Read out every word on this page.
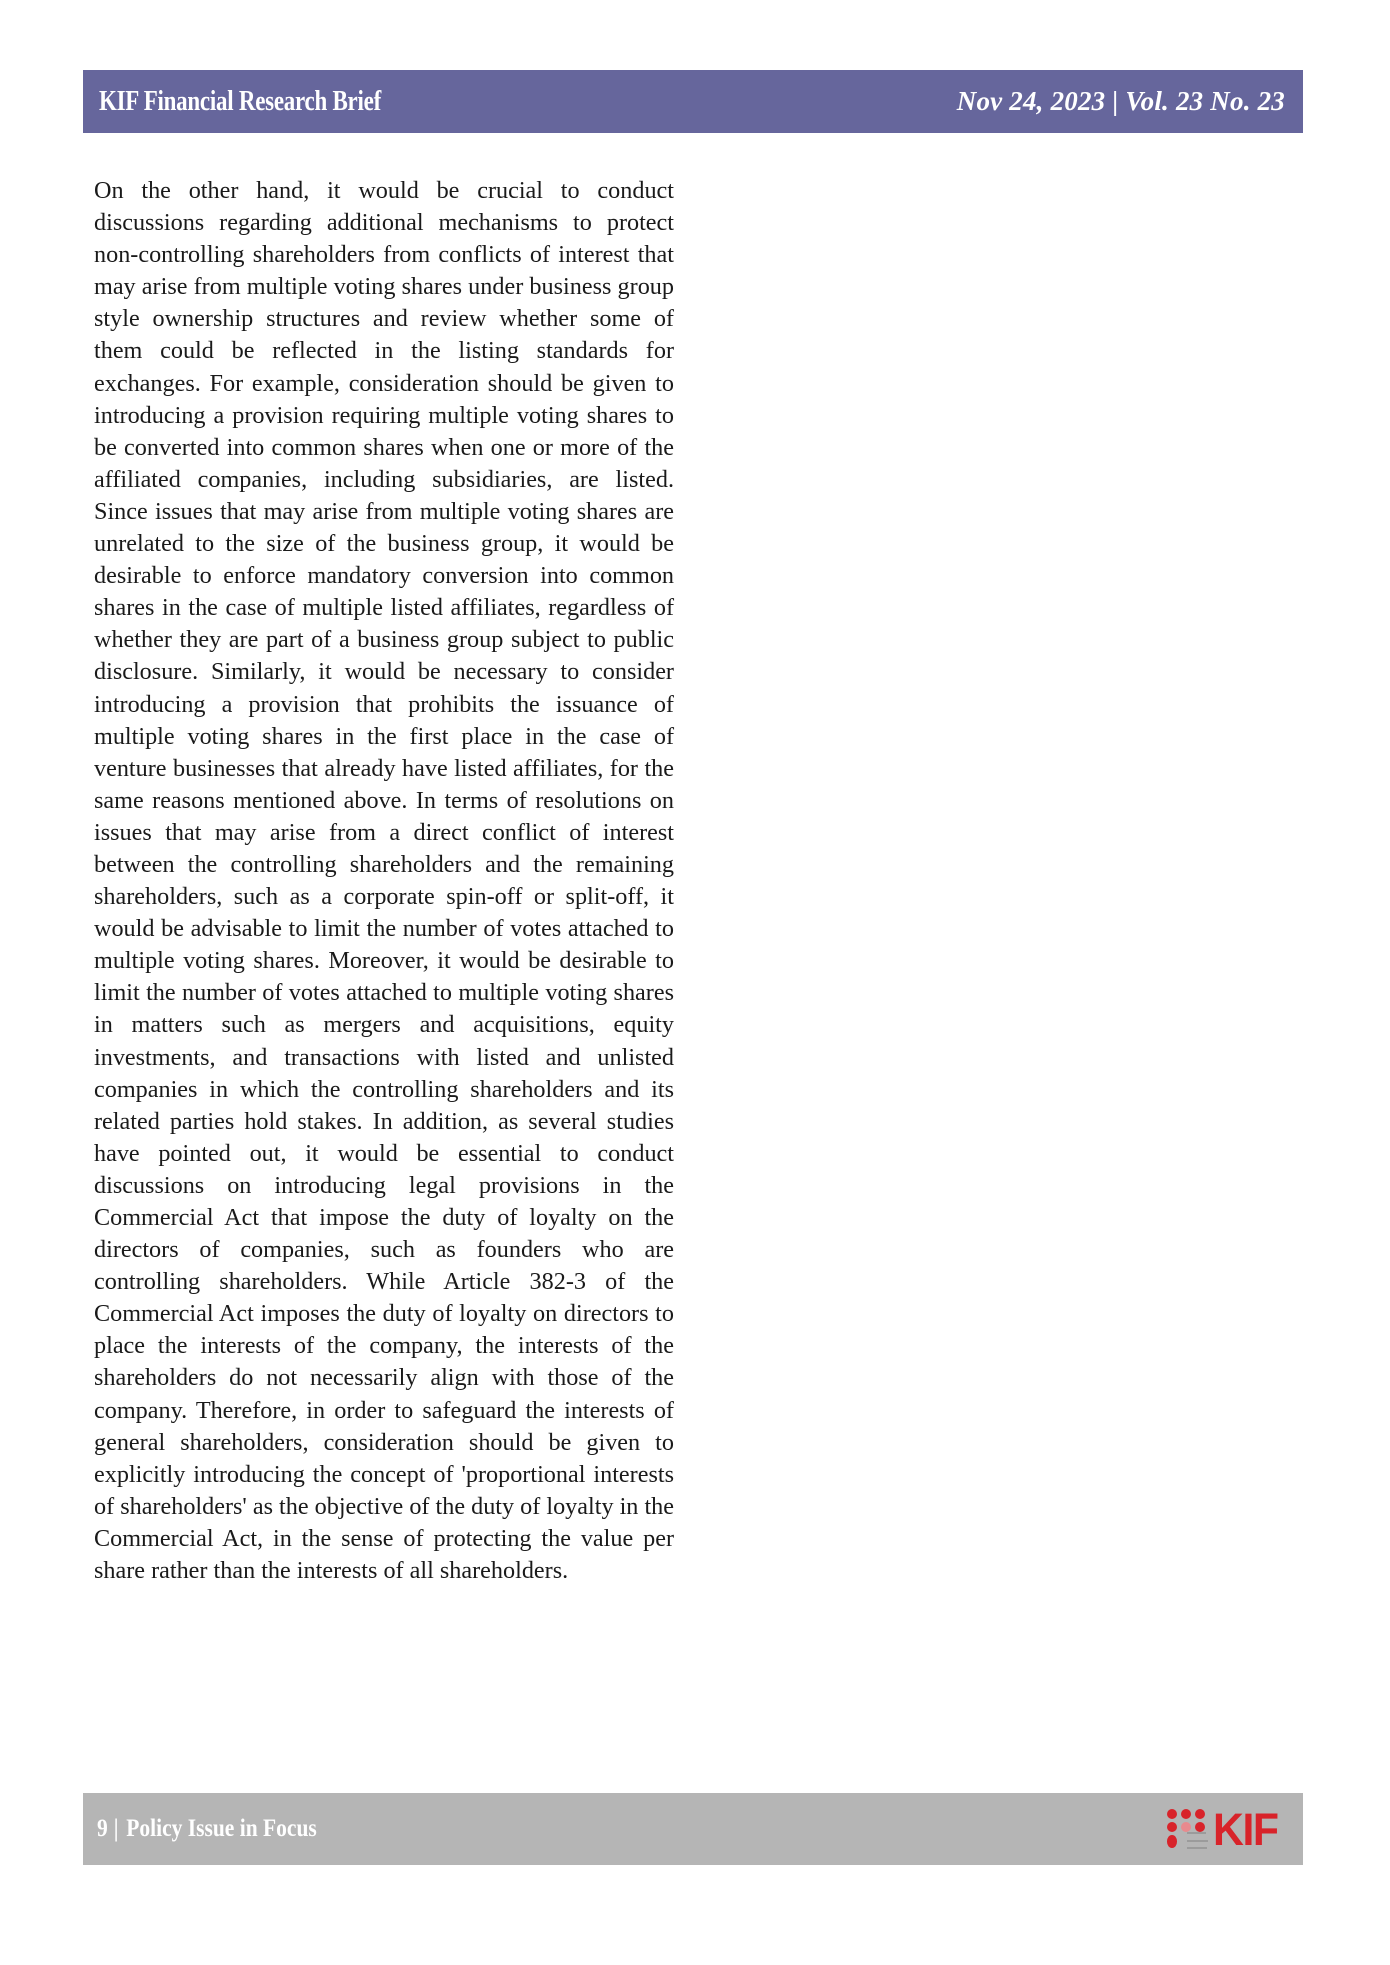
KIF Financial Research Brief	Nov 24, 2023 | Vol. 23 No. 23

On the other hand, it would be crucial to conduct discussions regarding additional mechanisms to protect non-controlling shareholders from conflicts of interest that may arise from multiple voting shares under business group style ownership structures and review whether some of them could be reflected in the listing standards for exchanges. For example, consideration should be given to introducing a provision requiring multiple voting shares to be converted into common shares when one or more of the affiliated companies, including subsidiaries, are listed. Since issues that may arise from multiple voting shares are unrelated to the size of the business group, it would be desirable to enforce mandatory conversion into common shares in the case of multiple listed affiliates, regardless of whether they are part of a business group subject to public disclosure. Similarly, it would be necessary to consider introducing a provision that prohibits the issuance of multiple voting shares in the first place in the case of venture businesses that already have listed affiliates, for the same reasons mentioned above. In terms of resolutions on issues that may arise from a direct conflict of interest between the controlling shareholders and the remaining shareholders, such as a corporate spin-off or split-off, it would be advisable to limit the number of votes attached to multiple voting shares. Moreover, it would be desirable to limit the number of votes attached to multiple voting shares in matters such as mergers and acquisitions, equity investments, and transactions with listed and unlisted companies in which the controlling shareholders and its related parties hold stakes. In addition, as several studies have pointed out, it would be essential to conduct discussions on introducing legal provisions in the Commercial Act that impose the duty of loyalty on the directors of companies, such as founders who are controlling shareholders. While Article 382-3 of the Commercial Act imposes the duty of loyalty on directors to place the interests of the company, the interests of the shareholders do not necessarily align with those of the company. Therefore, in order to safeguard the interests of general shareholders, consideration should be given to explicitly introducing the concept of 'proportional interests of shareholders' as the objective of the duty of loyalty in the Commercial Act, in the sense of protecting the value per share rather than the interests of all shareholders.

9 | Policy Issue in Focus	KIF
